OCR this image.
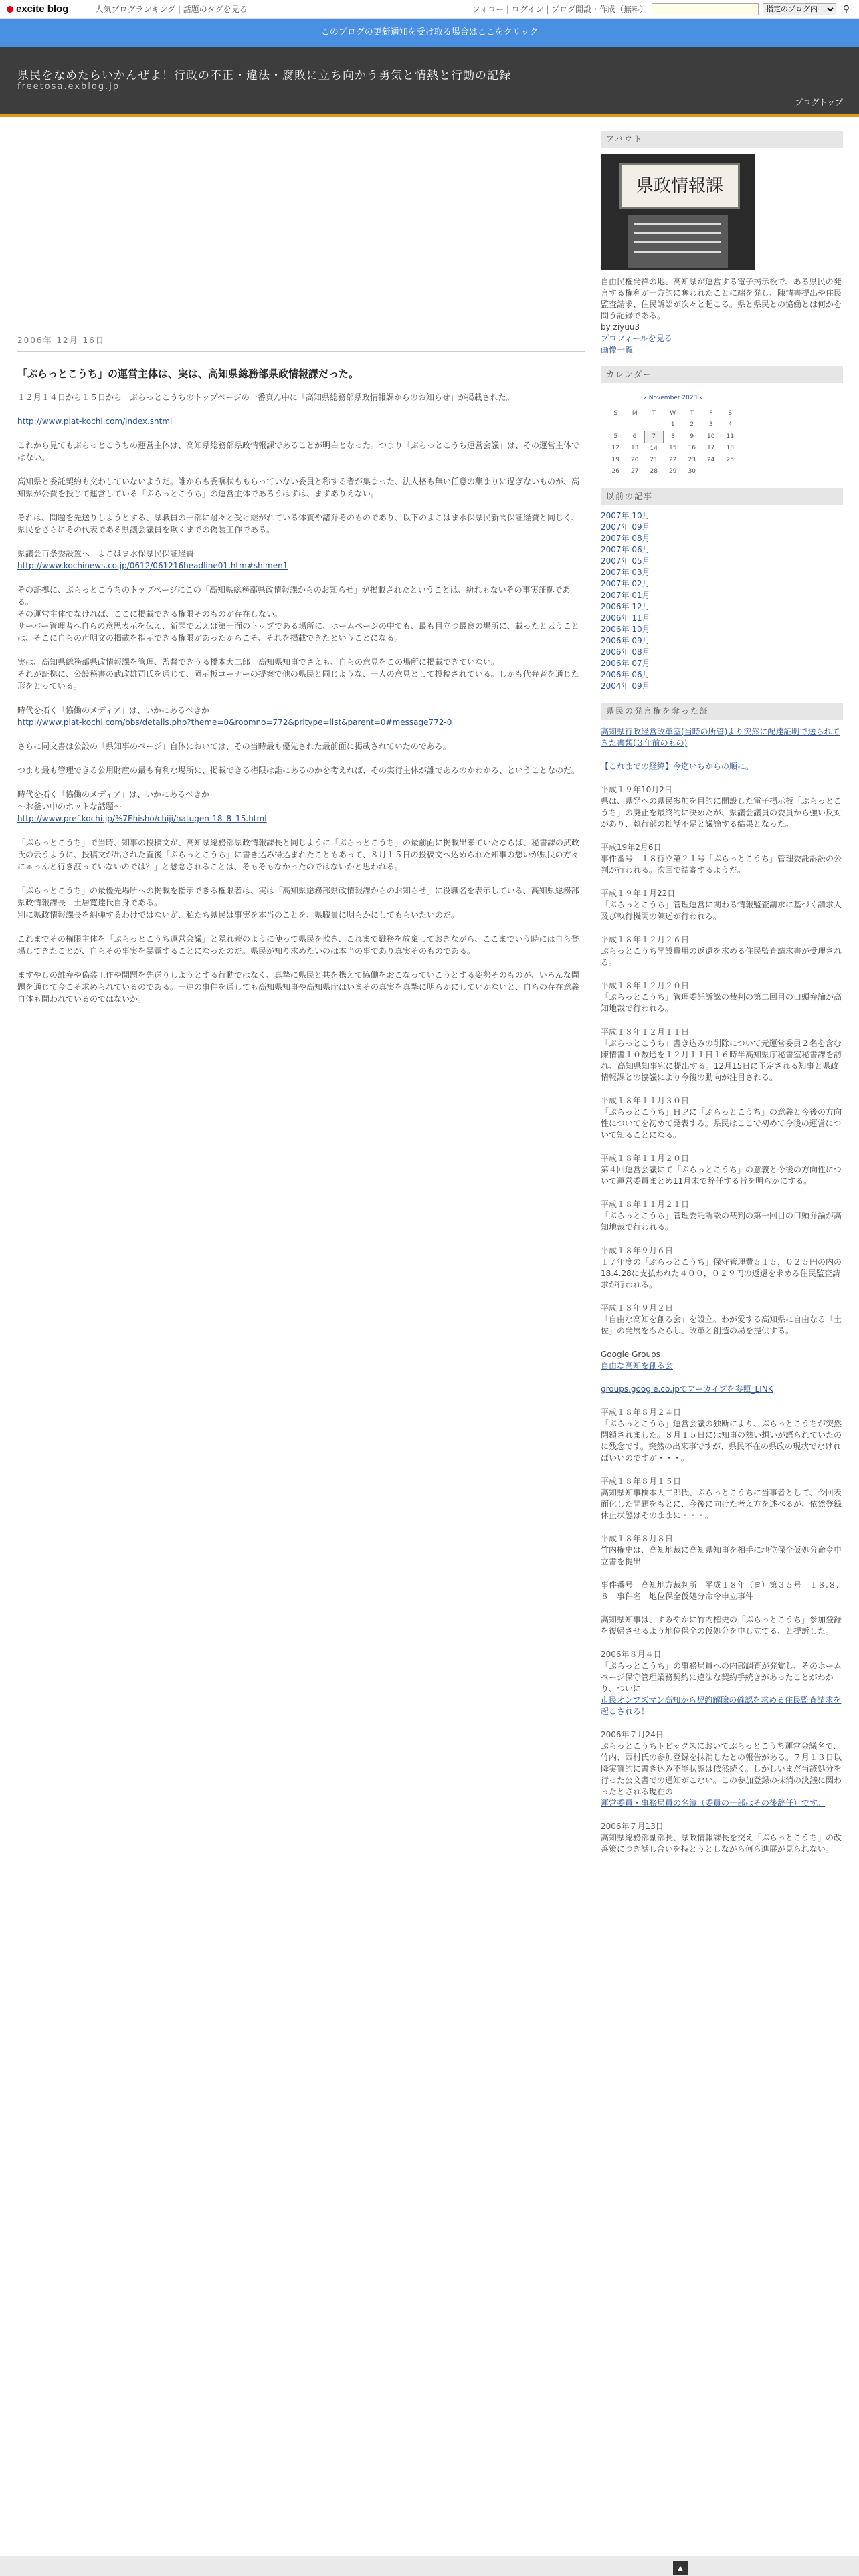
excite blog	人気ブログランキング | 話題のタグを見る	フォロー | ログイン | ブログ開設・作成（無料）
指定のブログ内	⚲
このブログの更新通知を受け取る場合はここをクリック
県民をなめたらいかんぜよ！行政の不正・違法・腐敗に立ち向かう勇気と情熱と行動の記録
freetosa.exblog.jp
ブログトップ
2006年 12月 16日
「ぷらっとこうち」の運営主体は、実は、高知県総務部県政情報課だった。

１２月１４日から１５日から　ぷらっとこうちのトップページの一番真ん中に「高知県総務部県政情報課からのお知らせ」が掲載された。

http://www.plat-kochi.com/index.shtml

これから見てもぷらっとこうちの運営主体は、高知県総務部県政情報課であることが明白となった。つまり「ぷらっとこうち運営会議」は、その運営主体ではない。

高知県と委託契約も交わしていないようだ。誰からも委嘱状ももらっていない委員と称する者が集まった、法人格も無い任意の集まりに過ぎないものが、高知県が公費を投じて運営している「ぷらっとこうち」の運営主体であろうはずは、まずありえない。

それは、問題を先送りしようとする、県職員の一部に耐々と受け継がれている体質や諸弁そのものであり、以下のよこはま水保県民新聞保証経費と同じく、県民をさらにその代表である県議会議員を欺くまでの偽装工作である。

県議会百条委設置へ　よこはま水保県民保証経費
http://www.kochinews.co.jp/0612/061216headline01.htm#shimen1

その証拠に、ぷらっとこうちのトップページにこの「高知県総務部県政情報課からのお知らせ」が掲載されたということは、紛れもないその事実証拠である。
その運営主体でなければ、ここに掲載できる権限そのものが存在しない。
サーバー管理者へ自らの意思表示を伝え、新聞で云えば第一面のトップである場所に、ホームページの中でも、最も目立つ最良の場所に、載ったと云うことは、そこに自らの声明文の掲載を指示できる権限があったからこそ、それを掲載できたということになる。

実は、高知県総務部県政情報課を管理、監督できうる橋本大二郎　高知県知事でさえも、自らの意見をこの場所に掲載できていない。
それが証拠に、公設秘書の武政雄司氏を通じて、岡示板コーナーの提案で他の県民と同じような、一人の意見として投稿されている。しかも代弁者を通じた形をとっている。

時代を拓く「協働のメディア」は、いかにあるべきか
http://www.plat-kochi.com/bbs/details.php?theme=0&roomno=772&pritype=list&parent=0#message772-0

さらに同文書は公設の「県知事のページ」自体においては、その当時最も優先された最前面に掲載されていたのである。

つまり最も管理できる公用財産の最も有利な場所に、掲載できる権限は誰にあるのかを考えれば、その実行主体が誰であるのかわかる、ということなのだ。

時代を拓く「協働のメディア」は、いかにあるべきか
～お釜い中のホットな話題～
http://www.pref.kochi.jp/%7Ehisho/chiji/hatugen-18_8_15.html

「ぷらっとこうち」で当時、知事の投稿文が、高知県総務部県政情報課長と同じように「ぷらっとこうち」の最前面に掲載出来ていたならば、秘書課の武政氏の云うように、投稿文が出された直後「ぷらっとこうち」に書き込み得込まれたこともあって、８月１５日の投稿文へ込められた知事の想いが県民の方々にゅっんと行き渡っていないのでは？」と懸念されることは、そもそもなかったのではないかと思われる。

「ぷらっとこうち」の最優先場所への掲載を指示できる権限者は、実は「高知県総務部県政情報課からのお知らせ」に役職名を表示している、高知県総務部県政情報課長　土居寛達氏自身である。
別に県政情報課長を糾弾するわけではないが、私たち県民は事実を本当のことを、県職員に明らかにしてもらいたいのだ。

これまでその権限主体を「ぷらっとこうち運営会議」と隠れ蓑のように使って県民を欺き、これまで職務を放棄しておきながら、ここまでいう時には自ら登場してきたことが、自らその事実を暴露することになったのだ。県民が知り求めたいのは本当の事であり真実そのものである。

ますやしの誰弁や偽装工作や問題を先送りしようとする行動ではなく、真摯に県民と共を携えて協働をおこなっていこうとする姿勢そのものが、いろんな問題を通じて今こそ求められているのである。一連の事件を通しても高知県知事や高知県庁はいまその真実を真摯に明らかにしていかないと、自らの存在意義自体も問われているのではないか。

アバウト
県政情報課
自由民権発祥の地、高知県が運営する電子掲示板で、ある県民の発言する権利が一方的に奪われたことに端を発し、陳情書提出や住民監査請求、住民訴訟が次々と起こる。県と県民との協働とは何かを問う記録である。
by ziyuu3
プロフィールを見る
画像一覧
カレンダー
« November 2023 »
S	M	T	W	T	F	S
			1	2	3	4
5	6	7	8	9	10	11
12	13	14	15	16	17	18
19	20	21	22	23	24	25
26	27	28	29	30		
以前の記事
2007年 10月
2007年 09月
2007年 08月
2007年 06月
2007年 05月
2007年 03月
2007年 02月
2007年 01月
2006年 12月
2006年 11月
2006年 10月
2006年 09月
2006年 08月
2006年 07月
2006年 06月
2004年 09月
県民の発言権を奪った証
高知県行政経営改革室(当時の所管)より突然に配達証明で送られてきた書類(３年前のもの)
【これまでの経緯】今迄いちからの順に。
平成１９年10月2日
県は、県発への県民参加を目的に開設した電子掲示板「ぷらっとこうち」の廃止を最終的に決めたが、県議会議員の委員から強い反対があり、執行部の拙話不足と議論する結果となった。
平成19年2月6日
事件番号　１８行ウ第２１号「ぷらっとこうち」管理委託訴訟の公判が行われる。次回で結審するようだ。
平成１９年１月22日
「ぷらっとこうち」管理運営に関わる情報監査請求に基づく請求人及び執行機関の陳述が行われる。
平成１８年１２月２６日
ぷらっとこうち開設費用の返還を求める住民監査請求書が受理される。
平成１８年１２月２０日
「ぷらっとこうち」管理委託訴訟の裁判の第二回目の口頭弁論が高知地裁で行われる。
平成１８年１２月１１日
「ぷらっとこうち」書き込みの削除について元運営委員２名を含む陳情書１０数通を１２月１１日１６時半高知県庁秘書室秘書課を訪れ、高知県知事宛に提出する。12月15日に予定される知事と県政情報課との協議により今後の動向が注目される。
平成１８年１１月３０日
「ぷらっとこうち」ＨＰに「ぷらっとこうち」の意義と今後の方向性についてを初めて発表する。県民はここで初めて今後の運営について知ることになる。
平成１８年１１月２０日
第４回運営会議にて「ぷらっとこうち」の意義と今後の方向性について運営委員まとめ11月末で辞任する旨を明らかにする。
平成１８年１１月２１日
「ぷらっとこうち」管理委託訴訟の裁判の第一回目の口頭弁論が高知地裁で行われる。
平成１８年９月６日
１７年度の「ぷらっとこうち」保守管理費５１５，０２５円の内の18.4.28に支払われた４００，０２９円の返還を求める住民監査請求が行われる。
平成１８年９月２日
「自由な高知を創る会」を設立。わが愛する高知県に自由なる「土佐」の発展をもたらし、改革と創造の場を提供する。
Google Groups
自由な高知を創る会
groups.google.co.jpでアーカイブを参照_LINK
平成１８年８月２４日
「ぷらっとこうち」運営会議の独断により、ぷらっとこうちが突然閉鎖されました。８月１５日には知事の熱い想いが語られていたのに残念です。突然の出来事ですが、県民不在の県政の現状でなければいいのですが・・・。
平成１８年８月１５日
高知県知事橋本大二郎氏、ぷらっとこうちに当事者として、今回表面化した問題をもとに、今後に向けた考え方を述べるが、依然登録休止状態はそのままに・・・。
平成１８年８月８日
竹内権史は、高知地裁に高知県知事を相手に地位保全仮処分命令申立書を提出
事件番号　高知地方裁判所　平成１８年（ヨ）第３５号　１８.８.８　事件名　地位保全仮処分命令申立事件
高知県知事は、すみやかに竹内権史の「ぷらっとこうち」参加登録を復帰させるよう地位保全の仮処分を申し立てる、と提訴した。
2006年８月４日
「ぷらっとこうち」の事務局員への内部調査が発覚し、そのホームページ保守管理業務契約に違法な契約手続きがあったことがわかり、ついに
市民オンブズマン高知から契約解除の確認を求める住民監査請求を起こされる！
2006年７月24日
ぷらっとこうちトピックスにおいてぷらっとこうち運営会議名で、竹内、西村氏の参加登録を抹消したとの報告がある。７月１３日以降実質的に書き込み不能状態は依然続く。しかしいまだ当該処分を行った公文書での通知がこない。この参加登録の抹消の決議に関わったとされる現在の
運営委員・事務局員の名簿（委員の一部はその後辞任）です。
2006年７月13日
高知県総務部副部長、県政情報課長を交え「ぷらっとこうち」の改善策につき話し合いを持とうとしながら何ら進展が見られない。
▲
